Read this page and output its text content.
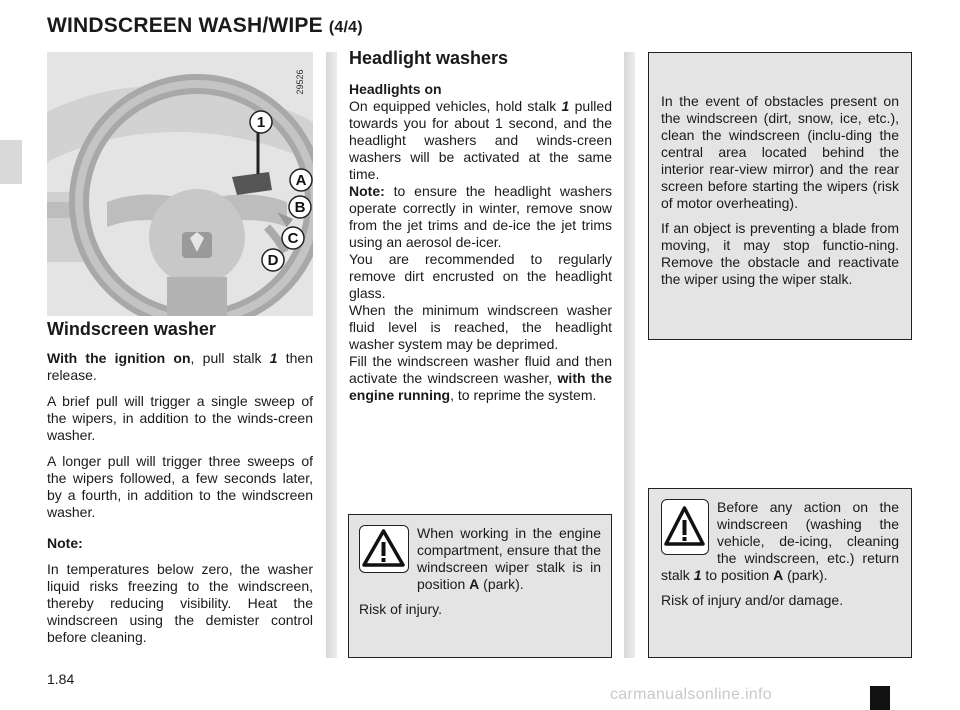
WINDSCREEN WASH/WIPE (4/4)
29526
1
A
B
C
D
Windscreen washer

With the ignition on, pull stalk 1 then release.

A brief pull will trigger a single sweep of the wipers, in addition to the winds-creen washer.

A longer pull will trigger three sweeps of the wipers followed, a few seconds later, by a fourth, in addition to the windscreen washer.

Note:

In temperatures below zero, the washer liquid risks freezing to the windscreen, thereby reducing visibility. Heat the windscreen using the demister control before cleaning.

Headlight washers
Headlights on

On equipped vehicles, hold stalk 1 pulled towards you for about 1 second, and the headlight washers and winds-creen washers will be activated at the same time.

Note: to ensure the headlight washers operate correctly in winter, remove snow from the jet trims and de-ice the jet trims using an aerosol de-icer.

You are recommended to regularly remove dirt encrusted on the headlight glass.

When the minimum windscreen washer fluid level is reached, the headlight washer system may be deprimed.

Fill the windscreen washer fluid and then activate the windscreen washer, with the engine running, to reprime the system.

When working in the engine compartment, ensure that the windscreen wiper stalk is in position A (park).

Risk of injury.

In the event of obstacles present on the windscreen (dirt, snow, ice, etc.), clean the windscreen (inclu-ding the central area located behind the interior rear-view mirror) and the rear screen before starting the wipers (risk of motor overheating).

If an object is preventing a blade from moving, it may stop functio-ning. Remove the obstacle and reactivate the wiper using the wiper stalk.

Before any action on the windscreen (washing the vehicle, de-icing, cleaning the windscreen, etc.) return stalk 1 to position A (park).

Risk of injury and/or damage.

1.84
carmanualsonline.info
